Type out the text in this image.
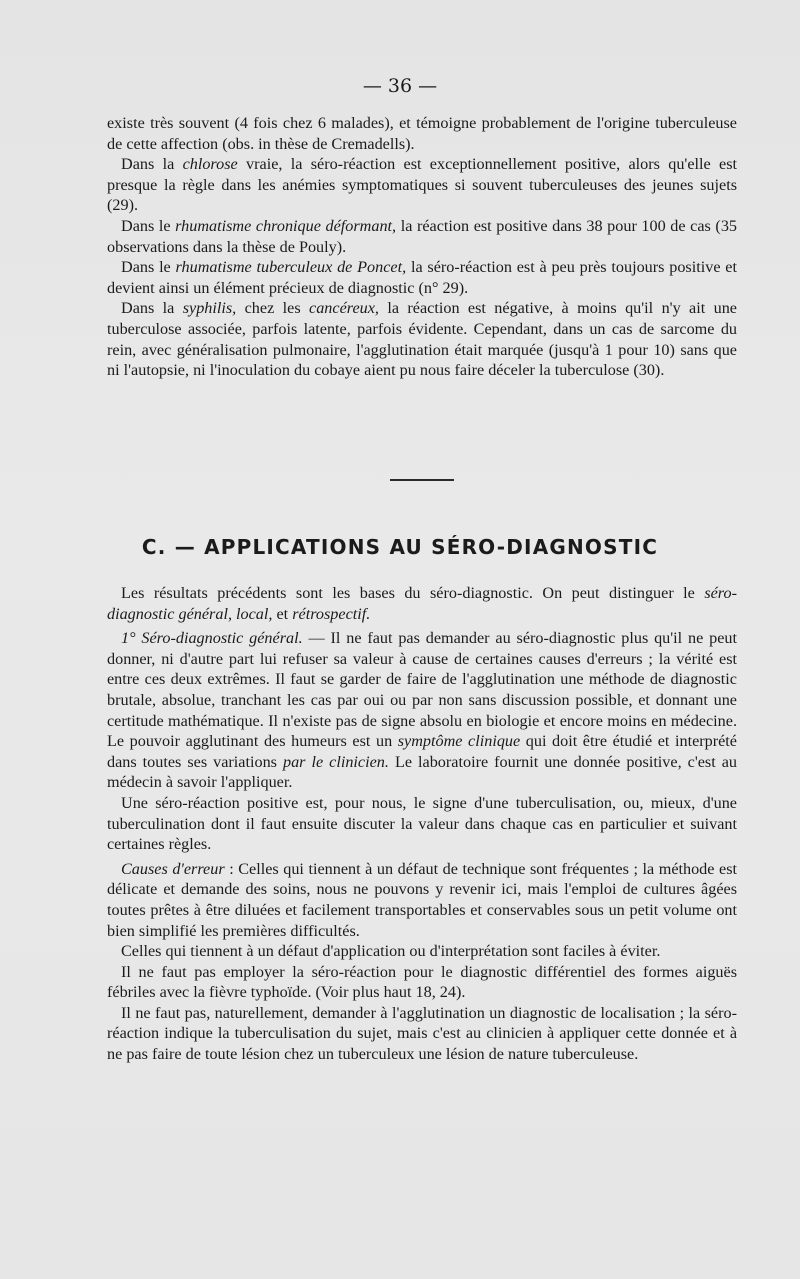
— 36 —

existe très souvent (4 fois chez 6 malades), et témoigne probablement de l'origine tuberculeuse de cette affection (obs. in thèse de Cremadells).

Dans la chlorose vraie, la séro-réaction est exceptionnellement positive, alors qu'elle est presque la règle dans les anémies symptomatiques si souvent tuberculeuses des jeunes sujets (29).

Dans le rhumatisme chronique déformant, la réaction est positive dans 38 pour 100 de cas (35 observations dans la thèse de Pouly).

Dans le rhumatisme tuberculeux de Poncet, la séro-réaction est à peu près toujours positive et devient ainsi un élément précieux de diagnostic (n° 29).

Dans la syphilis, chez les cancéreux, la réaction est négative, à moins qu'il n'y ait une tuberculose associée, parfois latente, parfois évidente. Cependant, dans un cas de sarcome du rein, avec généralisation pulmonaire, l'agglutination était marquée (jusqu'à 1 pour 10) sans que ni l'autopsie, ni l'inoculation du cobaye aient pu nous faire déceler la tuberculose (30).

C. — APPLICATIONS AU SÉRO-DIAGNOSTIC

Les résultats précédents sont les bases du séro-diagnostic. On peut distinguer le séro-diagnostic général, local, et rétrospectif.

1° Séro-diagnostic général. — Il ne faut pas demander au séro-diagnostic plus qu'il ne peut donner, ni d'autre part lui refuser sa valeur à cause de certaines causes d'erreurs ; la vérité est entre ces deux extrêmes. Il faut se garder de faire de l'agglutination une méthode de diagnostic brutale, absolue, tranchant les cas par oui ou par non sans discussion possible, et donnant une certitude mathématique. Il n'existe pas de signe absolu en biologie et encore moins en médecine. Le pouvoir agglutinant des humeurs est un symptôme clinique qui doit être étudié et interprété dans toutes ses variations par le clinicien. Le laboratoire fournit une donnée positive, c'est au médecin à savoir l'appliquer.

Une séro-réaction positive est, pour nous, le signe d'une tuberculisation, ou, mieux, d'une tuberculination dont il faut ensuite discuter la valeur dans chaque cas en particulier et suivant certaines règles.

Causes d'erreur : Celles qui tiennent à un défaut de technique sont fréquentes ; la méthode est délicate et demande des soins, nous ne pouvons y revenir ici, mais l'emploi de cultures âgées toutes prêtes à être diluées et facilement transportables et conservables sous un petit volume ont bien simplifié les premières difficultés.

Celles qui tiennent à un défaut d'application ou d'interprétation sont faciles à éviter.

Il ne faut pas employer la séro-réaction pour le diagnostic différentiel des formes aiguës fébriles avec la fièvre typhoïde. (Voir plus haut 18, 24).

Il ne faut pas, naturellement, demander à l'agglutination un diagnostic de localisation ; la séro-réaction indique la tuberculisation du sujet, mais c'est au clinicien à appliquer cette donnée et à ne pas faire de toute lésion chez un tuberculeux une lésion de nature tuberculeuse.
